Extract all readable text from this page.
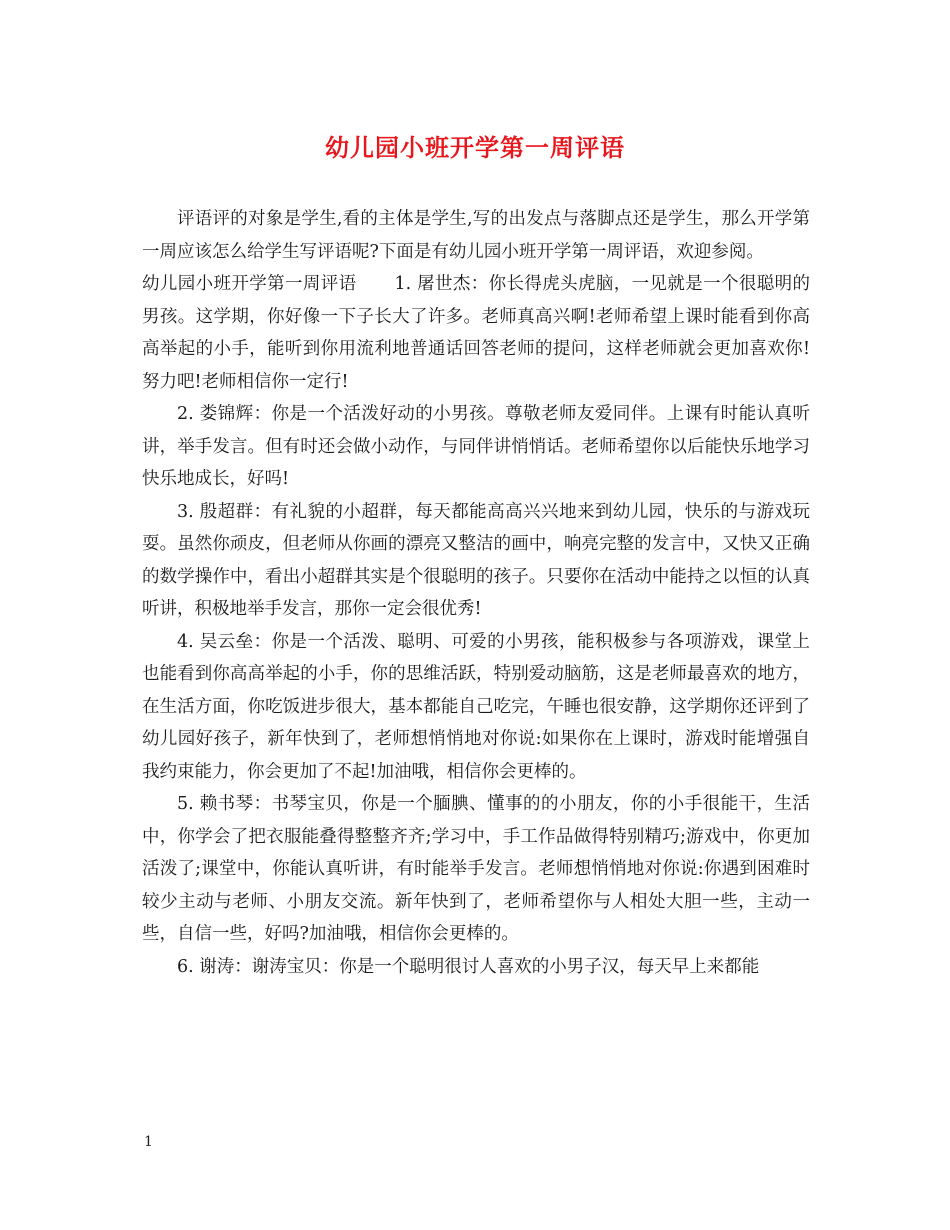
幼儿园小班开学第一周评语

评语评的对象是学生,看的主体是学生,写的出发点与落脚点还是学生，那么开学第一周应该怎么给学生写评语呢?下面是有幼儿园小班开学第一周评语，欢迎参阅。

幼儿园小班开学第一周评语 1. 屠世杰：你长得虎头虎脑，一见就是一个很聪明的男孩。这学期，你好像一下子长大了许多。老师真高兴啊!老师希望上课时能看到你高高举起的小手，能听到你用流利地普通话回答老师的提问，这样老师就会更加喜欢你!努力吧!老师相信你一定行!

2. 娄锦辉：你是一个活泼好动的小男孩。尊敬老师友爱同伴。上课有时能认真听讲，举手发言。但有时还会做小动作，与同伴讲悄悄话。老师希望你以后能快乐地学习快乐地成长，好吗!

3. 殷超群：有礼貌的小超群，每天都能高高兴兴地来到幼儿园，快乐的与游戏玩耍。虽然你顽皮，但老师从你画的漂亮又整洁的画中，响亮完整的发言中，又快又正确的数学操作中，看出小超群其实是个很聪明的孩子。只要你在活动中能持之以恒的认真听讲，积极地举手发言，那你一定会很优秀!

4. 吴云垒：你是一个活泼、聪明、可爱的小男孩，能积极参与各项游戏，课堂上也能看到你高高举起的小手，你的思维活跃，特别爱动脑筋，这是老师最喜欢的地方，在生活方面，你吃饭进步很大，基本都能自己吃完，午睡也很安静，这学期你还评到了幼儿园好孩子，新年快到了，老师想悄悄地对你说:如果你在上课时，游戏时能增强自我约束能力，你会更加了不起!加油哦，相信你会更棒的。

5. 赖书琴：书琴宝贝，你是一个腼腆、懂事的的小朋友，你的小手很能干，生活中，你学会了把衣服能叠得整整齐齐;学习中，手工作品做得特别精巧;游戏中，你更加活泼了;课堂中，你能认真听讲，有时能举手发言。老师想悄悄地对你说:你遇到困难时较少主动与老师、小朋友交流。新年快到了，老师希望你与人相处大胆一些，主动一些，自信一些，好吗?加油哦，相信你会更棒的。

6. 谢涛：谢涛宝贝：你是一个聪明很讨人喜欢的小男子汉，每天早上来都能

1
